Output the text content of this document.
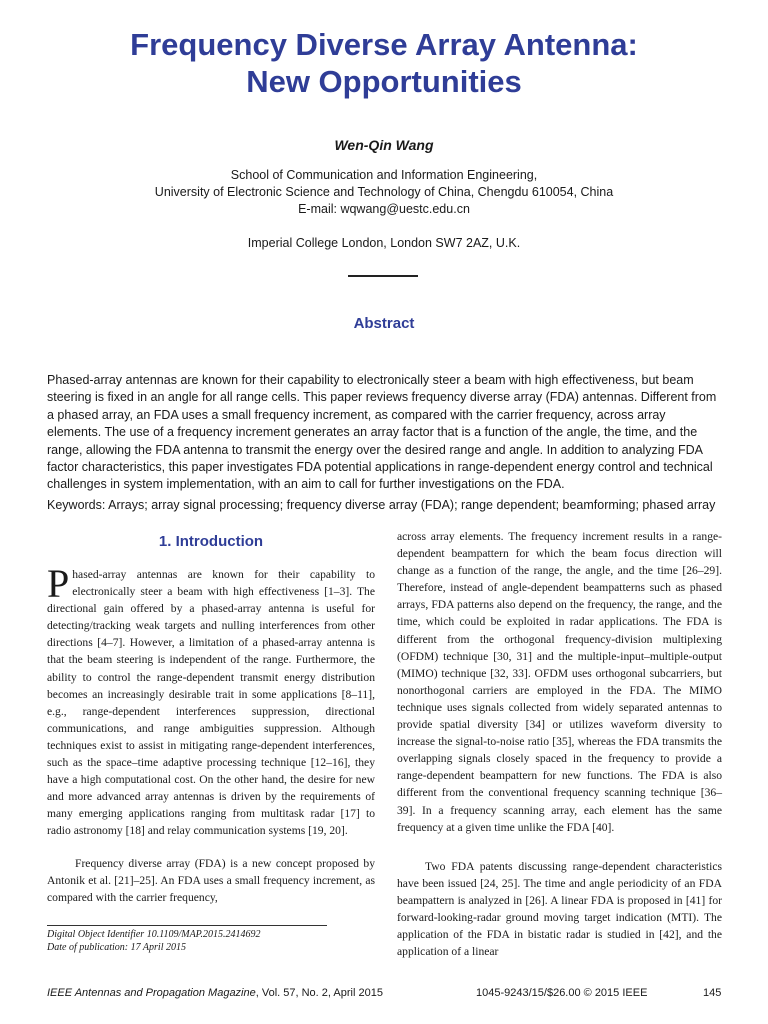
Frequency Diverse Array Antenna:
New Opportunities
Wen-Qin Wang
School of Communication and Information Engineering,
University of Electronic Science and Technology of China, Chengdu 610054, China
E-mail: wqwang@uestc.edu.cn
Imperial College London, London SW7 2AZ, U.K.
Abstract

Phased-array antennas are known for their capability to electronically steer a beam with high effectiveness, but beam steering is fixed in an angle for all range cells. This paper reviews frequency diverse array (FDA) antennas. Different from a phased array, an FDA uses a small frequency increment, as compared with the carrier frequency, across array elements. The use of a frequency increment generates an array factor that is a function of the angle, the time, and the range, allowing the FDA antenna to transmit the energy over the desired range and angle. In addition to analyzing FDA factor characteristics, this paper investigates FDA potential applications in range-dependent energy control and technical challenges in system implementation, with an aim to call for further investigations on the FDA.

Keywords: Arrays; array signal processing; frequency diverse array (FDA); range dependent; beamforming; phased array

1. Introduction

Phased-array antennas are known for their capability to electronically steer a beam with high effectiveness [1–3]. The directional gain offered by a phased-array antenna is useful for detecting/tracking weak targets and nulling interferences from other directions [4–7]. However, a limitation of a phased-array antenna is that the beam steering is independent of the range. Furthermore, the ability to control the range-dependent transmit energy distribution becomes an increasingly desirable trait in some applications [8–11], e.g., range-dependent interferences suppression, directional communications, and range ambiguities suppression. Although techniques exist to assist in mitigating range-dependent interferences, such as the space–time adaptive processing technique [12–16], they have a high computational cost. On the other hand, the desire for new and more advanced array antennas is driven by the requirements of many emerging applications ranging from multitask radar [17] to radio astronomy [18] and relay communication systems [19, 20].

Frequency diverse array (FDA) is a new concept proposed by Antonik et al. [21]–25]. An FDA uses a small frequency increment, as compared with the carrier frequency,

Digital Object Identifier 10.1109/MAP.2015.2414692
Date of publication: 17 April 2015

across array elements. The frequency increment results in a range-dependent beampattern for which the beam focus direction will change as a function of the range, the angle, and the time [26–29]. Therefore, instead of angle-dependent beampatterns such as phased arrays, FDA patterns also depend on the frequency, the range, and the time, which could be exploited in radar applications. The FDA is different from the orthogonal frequency-division multiplexing (OFDM) technique [30, 31] and the multiple-input–multiple-output (MIMO) technique [32, 33]. OFDM uses orthogonal subcarriers, but nonorthogonal carriers are employed in the FDA. The MIMO technique uses signals collected from widely separated antennas to provide spatial diversity [34] or utilizes waveform diversity to increase the signal-to-noise ratio [35], whereas the FDA transmits the overlapping signals closely spaced in the frequency to provide a range-dependent beampattern for new functions. The FDA is also different from the conventional frequency scanning technique [36–39]. In a frequency scanning array, each element has the same frequency at a given time unlike the FDA [40].

Two FDA patents discussing range-dependent characteristics have been issued [24, 25]. The time and angle periodicity of an FDA beampattern is analyzed in [26]. A linear FDA is proposed in [41] for forward-looking-radar ground moving target indication (MTI). The application of the FDA in bistatic radar is studied in [42], and the application of a linear

IEEE Antennas and Propagation Magazine, Vol. 57, No. 2, April 2015	1045-9243/15/$26.00 © 2015 IEEE	145
